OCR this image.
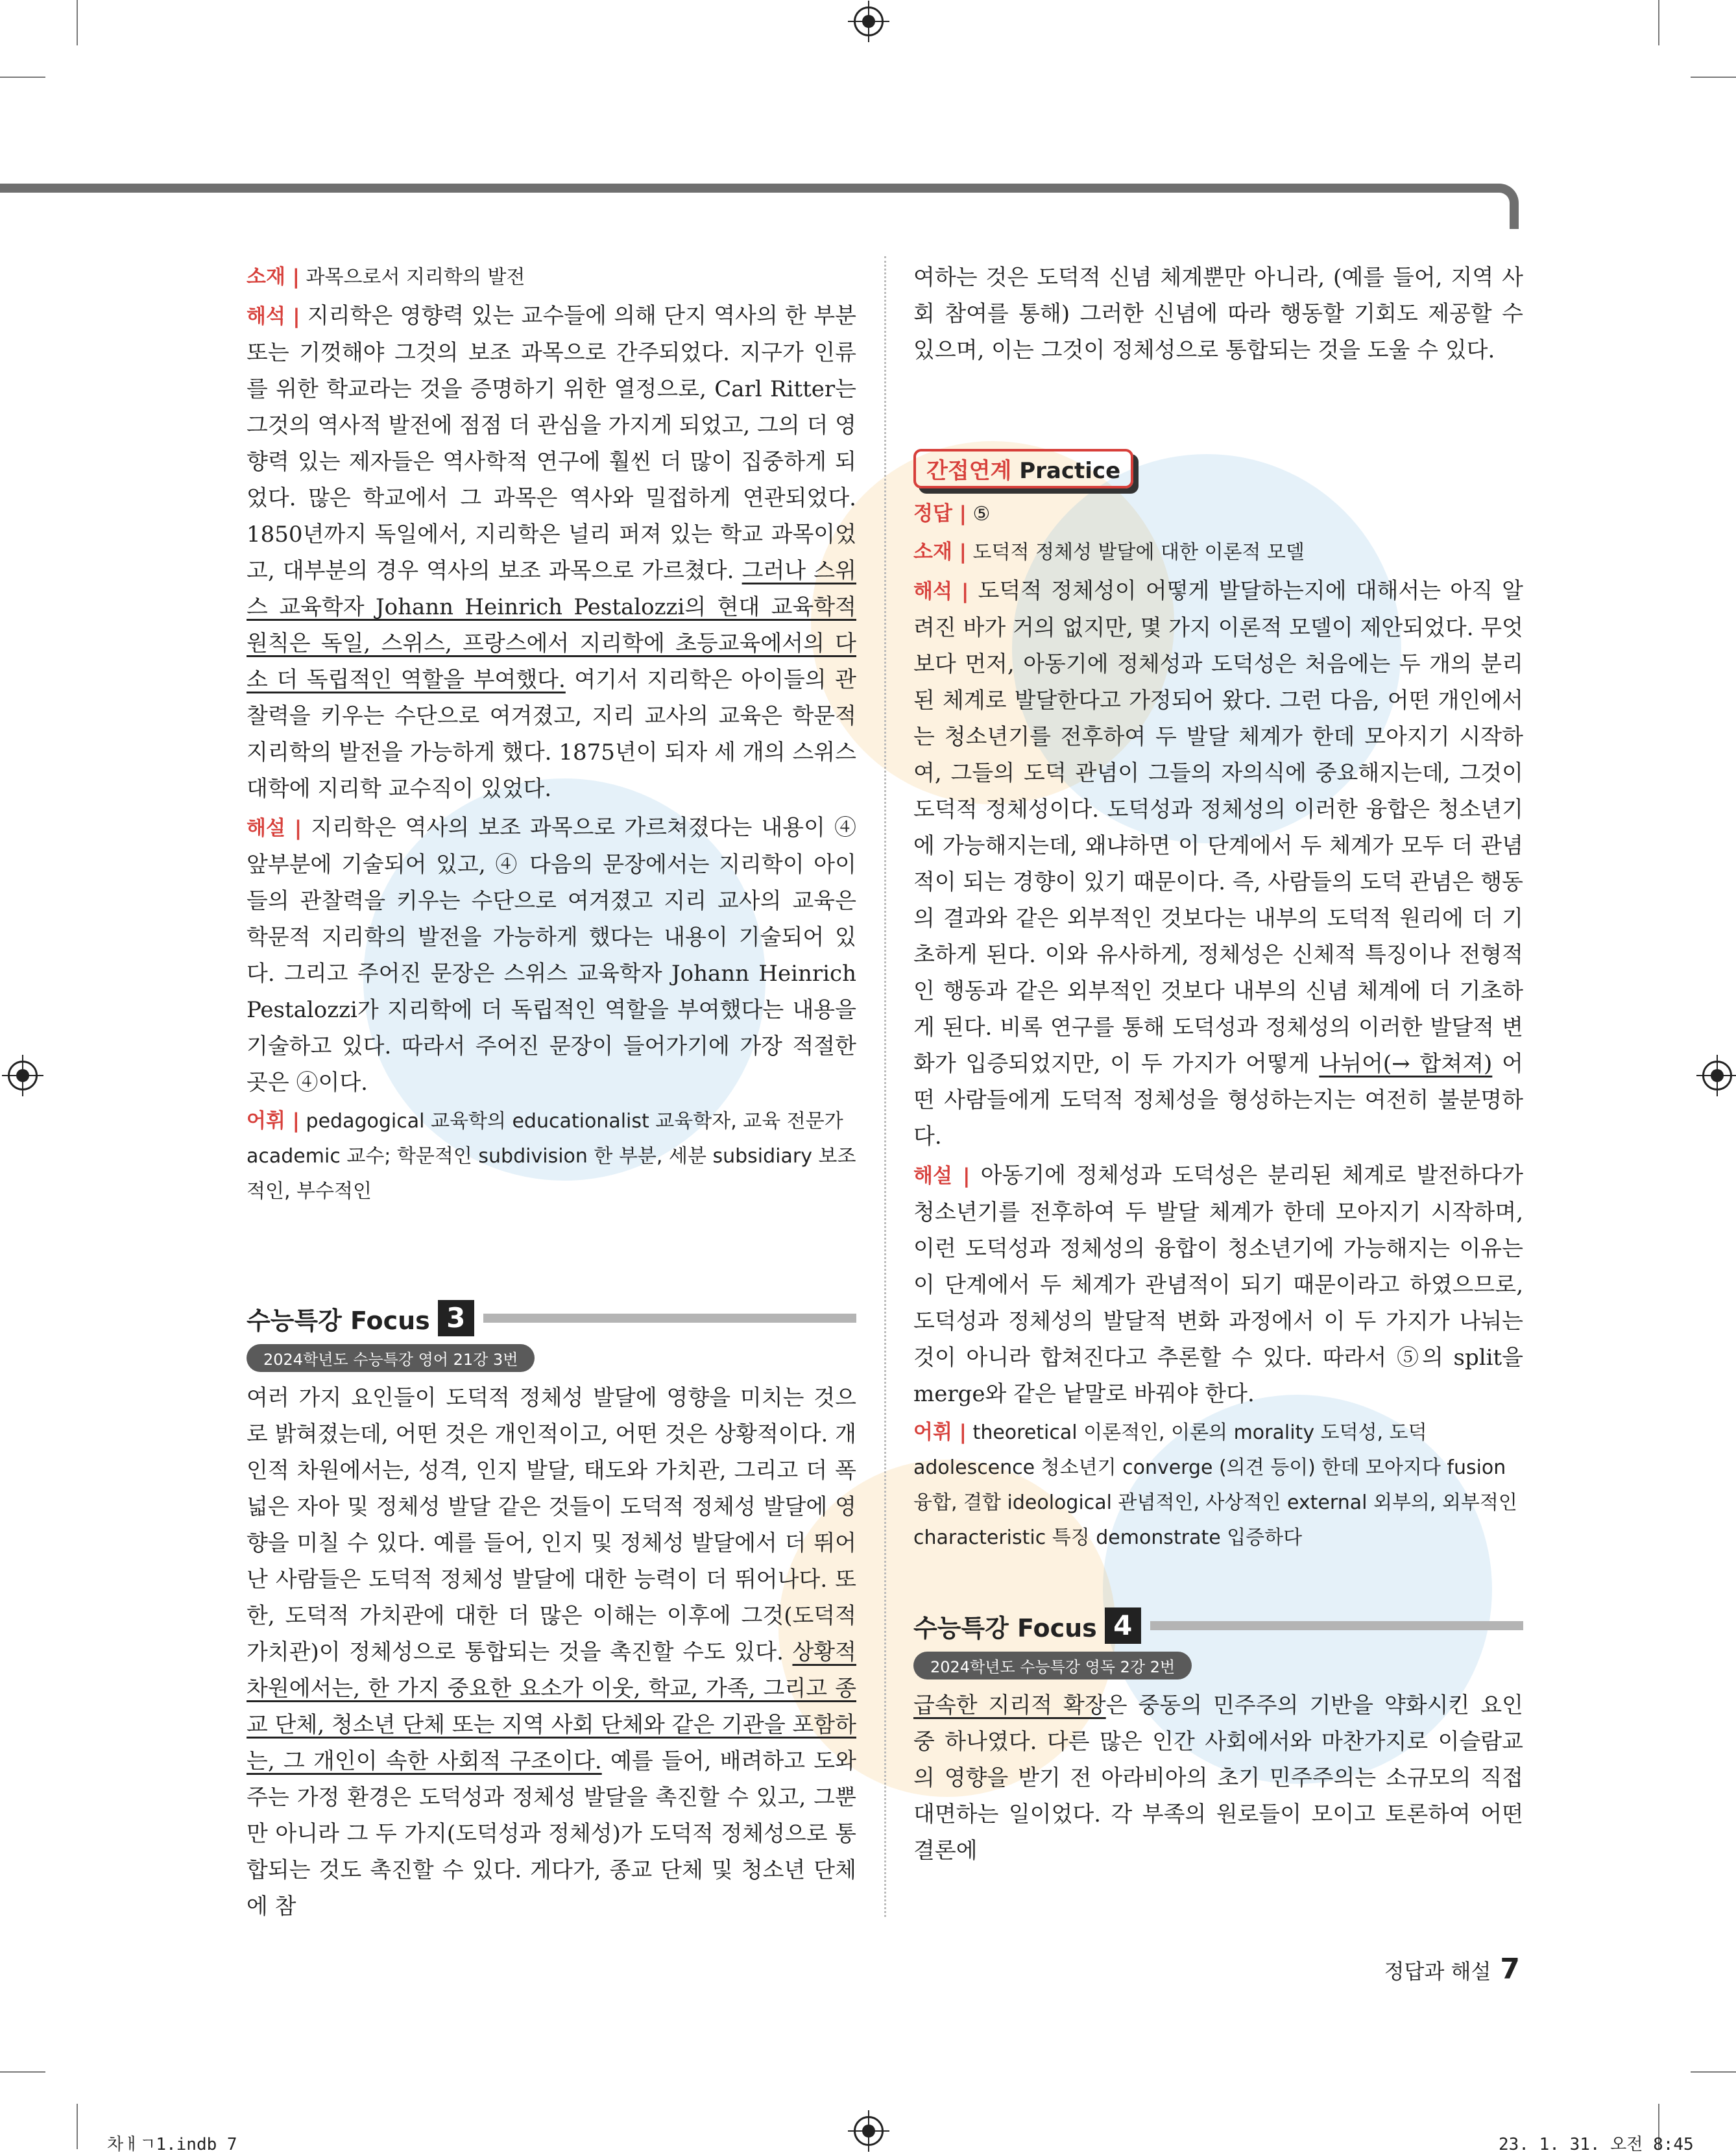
소재 | 과목으로서 지리학의 발전

해석 | 지리학은 영향력 있는 교수들에 의해 단지 역사의 한 부분 또는 기껏해야 그것의 보조 과목으로 간주되었다. 지구가 인류를 위한 학교라는 것을 증명하기 위한 열정으로, Carl Ritter는 그것의 역사적 발전에 점점 더 관심을 가지게 되었고, 그의 더 영향력 있는 제자들은 역사학적 연구에 훨씬 더 많이 집중하게 되었다. 많은 학교에서 그 과목은 역사와 밀접하게 연관되었다. 1850년까지 독일에서, 지리학은 널리 퍼져 있는 학교 과목이었고, 대부분의 경우 역사의 보조 과목으로 가르쳤다. 그러나 스위스 교육학자 Johann Heinrich Pestalozzi의 현대 교육학적 원칙은 독일, 스위스, 프랑스에서 지리학에 초등교육에서의 다소 더 독립적인 역할을 부여했다. 여기서 지리학은 아이들의 관찰력을 키우는 수단으로 여겨졌고, 지리 교사의 교육은 학문적 지리학의 발전을 가능하게 했다. 1875년이 되자 세 개의 스위스 대학에 지리학 교수직이 있었다.

해설 | 지리학은 역사의 보조 과목으로 가르쳐졌다는 내용이 ④ 앞부분에 기술되어 있고, ④ 다음의 문장에서는 지리학이 아이들의 관찰력을 키우는 수단으로 여겨졌고 지리 교사의 교육은 학문적 지리학의 발전을 가능하게 했다는 내용이 기술되어 있다. 그리고 주어진 문장은 스위스 교육학자 Johann Heinrich Pestalozzi가 지리학에 더 독립적인 역할을 부여했다는 내용을 기술하고 있다. 따라서 주어진 문장이 들어가기에 가장 적절한 곳은 ④이다.

어휘 | pedagogical 교육학의 educationalist 교육학자, 교육 전문가 academic 교수; 학문적인 subdivision 한 부분, 세분 subsidiary 보조적인, 부수적인

수능특강 Focus 3
2024학년도 수능특강 영어 21강 3번

여러 가지 요인들이 도덕적 정체성 발달에 영향을 미치는 것으로 밝혀졌는데, 어떤 것은 개인적이고, 어떤 것은 상황적이다. 개인적 차원에서는, 성격, 인지 발달, 태도와 가치관, 그리고 더 폭넓은 자아 및 정체성 발달 같은 것들이 도덕적 정체성 발달에 영향을 미칠 수 있다. 예를 들어, 인지 및 정체성 발달에서 더 뛰어난 사람들은 도덕적 정체성 발달에 대한 능력이 더 뛰어나다. 또한, 도덕적 가치관에 대한 더 많은 이해는 이후에 그것(도덕적 가치관)이 정체성으로 통합되는 것을 촉진할 수도 있다. 상황적 차원에서는, 한 가지 중요한 요소가 이웃, 학교, 가족, 그리고 종교 단체, 청소년 단체 또는 지역 사회 단체와 같은 기관을 포함하는, 그 개인이 속한 사회적 구조이다. 예를 들어, 배려하고 도와주는 가정 환경은 도덕성과 정체성 발달을 촉진할 수 있고, 그뿐만 아니라 그 두 가지(도덕성과 정체성)가 도덕적 정체성으로 통합되는 것도 촉진할 수 있다. 게다가, 종교 단체 및 청소년 단체에 참

여하는 것은 도덕적 신념 체계뿐만 아니라, (예를 들어, 지역 사회 참여를 통해) 그러한 신념에 따라 행동할 기회도 제공할 수 있으며, 이는 그것이 정체성으로 통합되는 것을 도울 수 있다.

간접연계 Practice

정답 | ⑤

소재 | 도덕적 정체성 발달에 대한 이론적 모델

해석 | 도덕적 정체성이 어떻게 발달하는지에 대해서는 아직 알려진 바가 거의 없지만, 몇 가지 이론적 모델이 제안되었다. 무엇보다 먼저, 아동기에 정체성과 도덕성은 처음에는 두 개의 분리된 체계로 발달한다고 가정되어 왔다. 그런 다음, 어떤 개인에서는 청소년기를 전후하여 두 발달 체계가 한데 모아지기 시작하여, 그들의 도덕 관념이 그들의 자의식에 중요해지는데, 그것이 도덕적 정체성이다. 도덕성과 정체성의 이러한 융합은 청소년기에 가능해지는데, 왜냐하면 이 단계에서 두 체계가 모두 더 관념적이 되는 경향이 있기 때문이다. 즉, 사람들의 도덕 관념은 행동의 결과와 같은 외부적인 것보다는 내부의 도덕적 원리에 더 기초하게 된다. 이와 유사하게, 정체성은 신체적 특징이나 전형적인 행동과 같은 외부적인 것보다 내부의 신념 체계에 더 기초하게 된다. 비록 연구를 통해 도덕성과 정체성의 이러한 발달적 변화가 입증되었지만, 이 두 가지가 어떻게 나뉘어(→ 합쳐져) 어떤 사람들에게 도덕적 정체성을 형성하는지는 여전히 불분명하다.

해설 | 아동기에 정체성과 도덕성은 분리된 체계로 발전하다가 청소년기를 전후하여 두 발달 체계가 한데 모아지기 시작하며, 이런 도덕성과 정체성의 융합이 청소년기에 가능해지는 이유는 이 단계에서 두 체계가 관념적이 되기 때문이라고 하였으므로, 도덕성과 정체성의 발달적 변화 과정에서 이 두 가지가 나눠는 것이 아니라 합쳐진다고 추론할 수 있다. 따라서 ⑤의 split을 merge와 같은 낱말로 바꿔야 한다.

어휘 | theoretical 이론적인, 이론의 morality 도덕성, 도덕 adolescence 청소년기 converge (의견 등이) 한데 모아지다 fusion 융합, 결합 ideological 관념적인, 사상적인 external 외부의, 외부적인 characteristic 특징 demonstrate 입증하다

수능특강 Focus 4
2024학년도 수능특강 영독 2강 2번

급속한 지리적 확장은 중동의 민주주의 기반을 약화시킨 요인 중 하나였다. 다른 많은 인간 사회에서와 마찬가지로 이슬람교의 영향을 받기 전 아라비아의 초기 민주주의는 소규모의 직접 대면하는 일이었다. 각 부족의 원로들이 모이고 토론하여 어떤 결론에

정답과 해설 7
차ㅐㄱ1.indb 7	23. 1. 31. 오전 8:45
